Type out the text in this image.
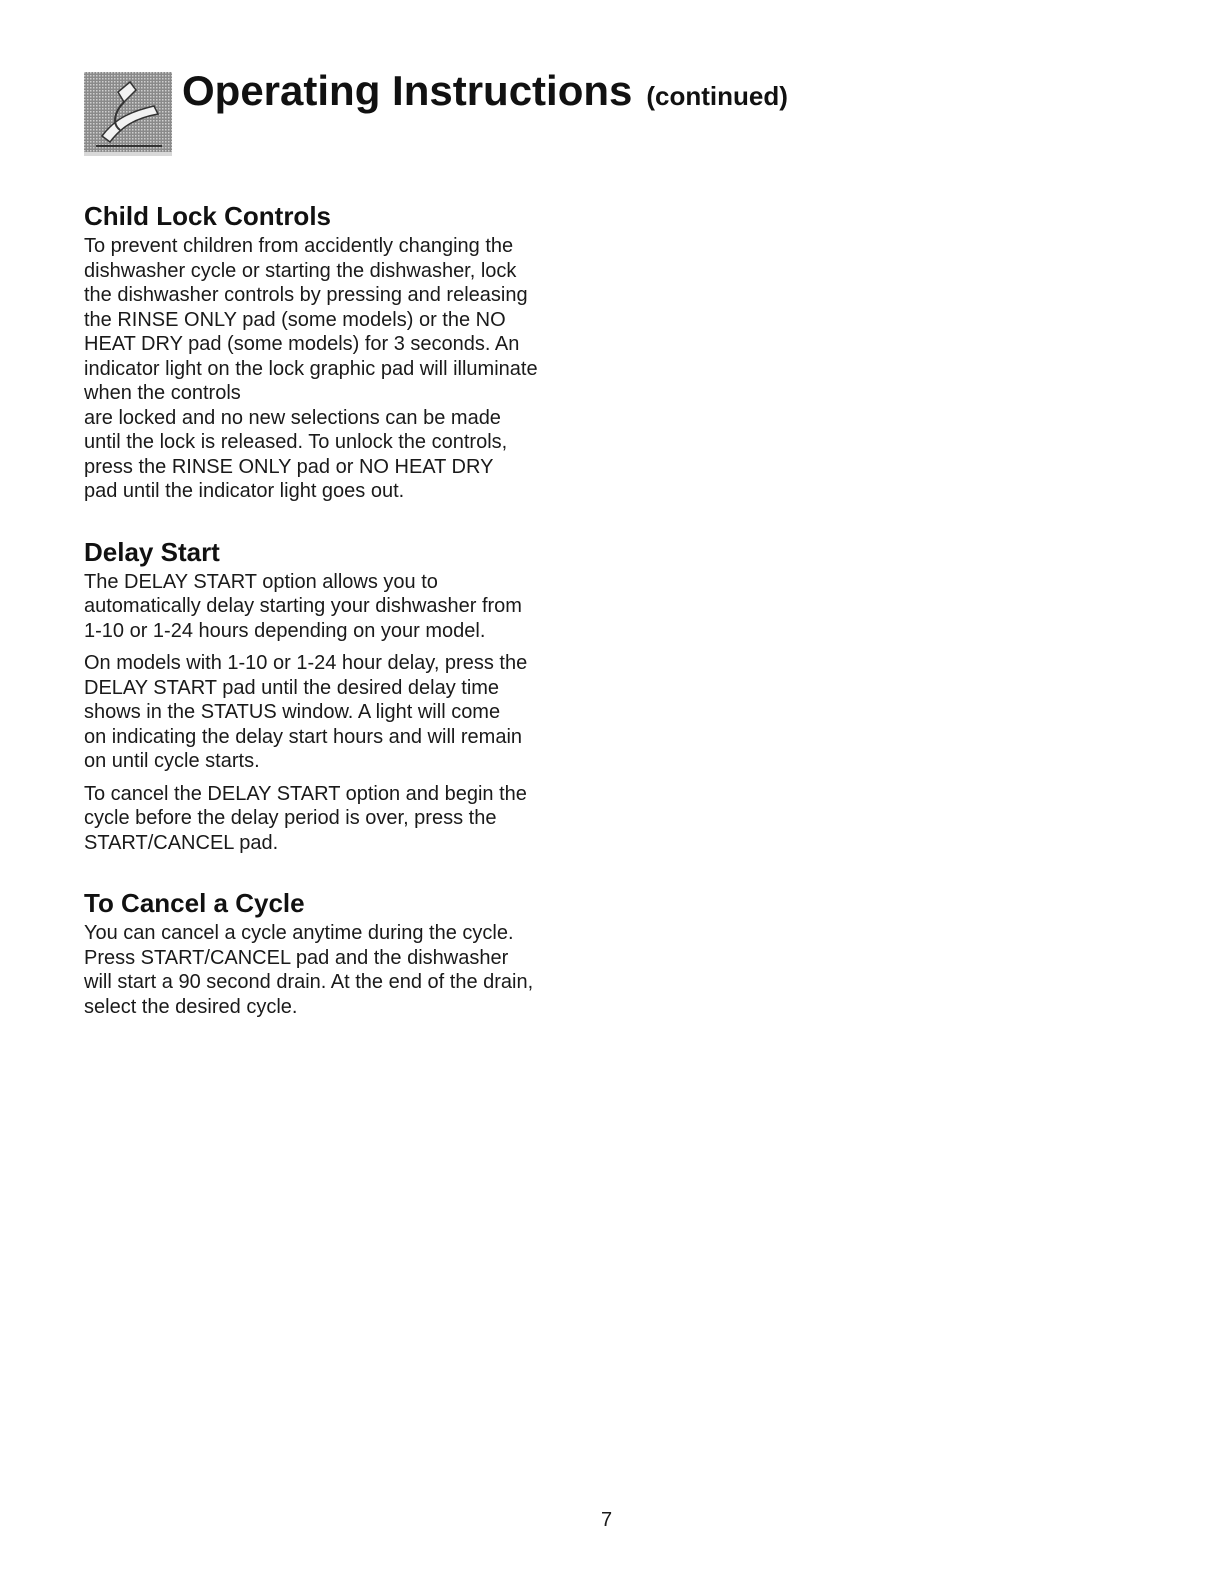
Operating Instructions (continued)
Child Lock Controls

To prevent children from accidently changing the
dishwasher cycle or starting the dishwasher, lock
the dishwasher controls by pressing and releasing
the RINSE ONLY pad (some models) or the NO
HEAT DRY pad (some models) for 3 seconds. An
indicator light on the lock graphic pad will illuminate
when the controls
are locked and no new selections can be made
until the lock is released. To unlock the controls,
press the RINSE ONLY pad or NO HEAT DRY
pad until the indicator light goes out.

Delay Start

The DELAY START option allows you to
automatically delay starting your dishwasher from
1-10 or 1-24 hours depending on your model.

On models with 1-10 or 1-24 hour delay, press the
DELAY START pad until the desired delay time
shows in the STATUS window. A light will come
on indicating the delay start hours and will remain
on until cycle starts.

To cancel the DELAY START option and begin the
cycle before the delay period is over, press the
START/CANCEL pad.

To Cancel a Cycle

You can cancel a cycle anytime during the cycle.
Press START/CANCEL pad and the dishwasher
will start a 90 second drain. At the end of the drain,
select the desired cycle.

7
